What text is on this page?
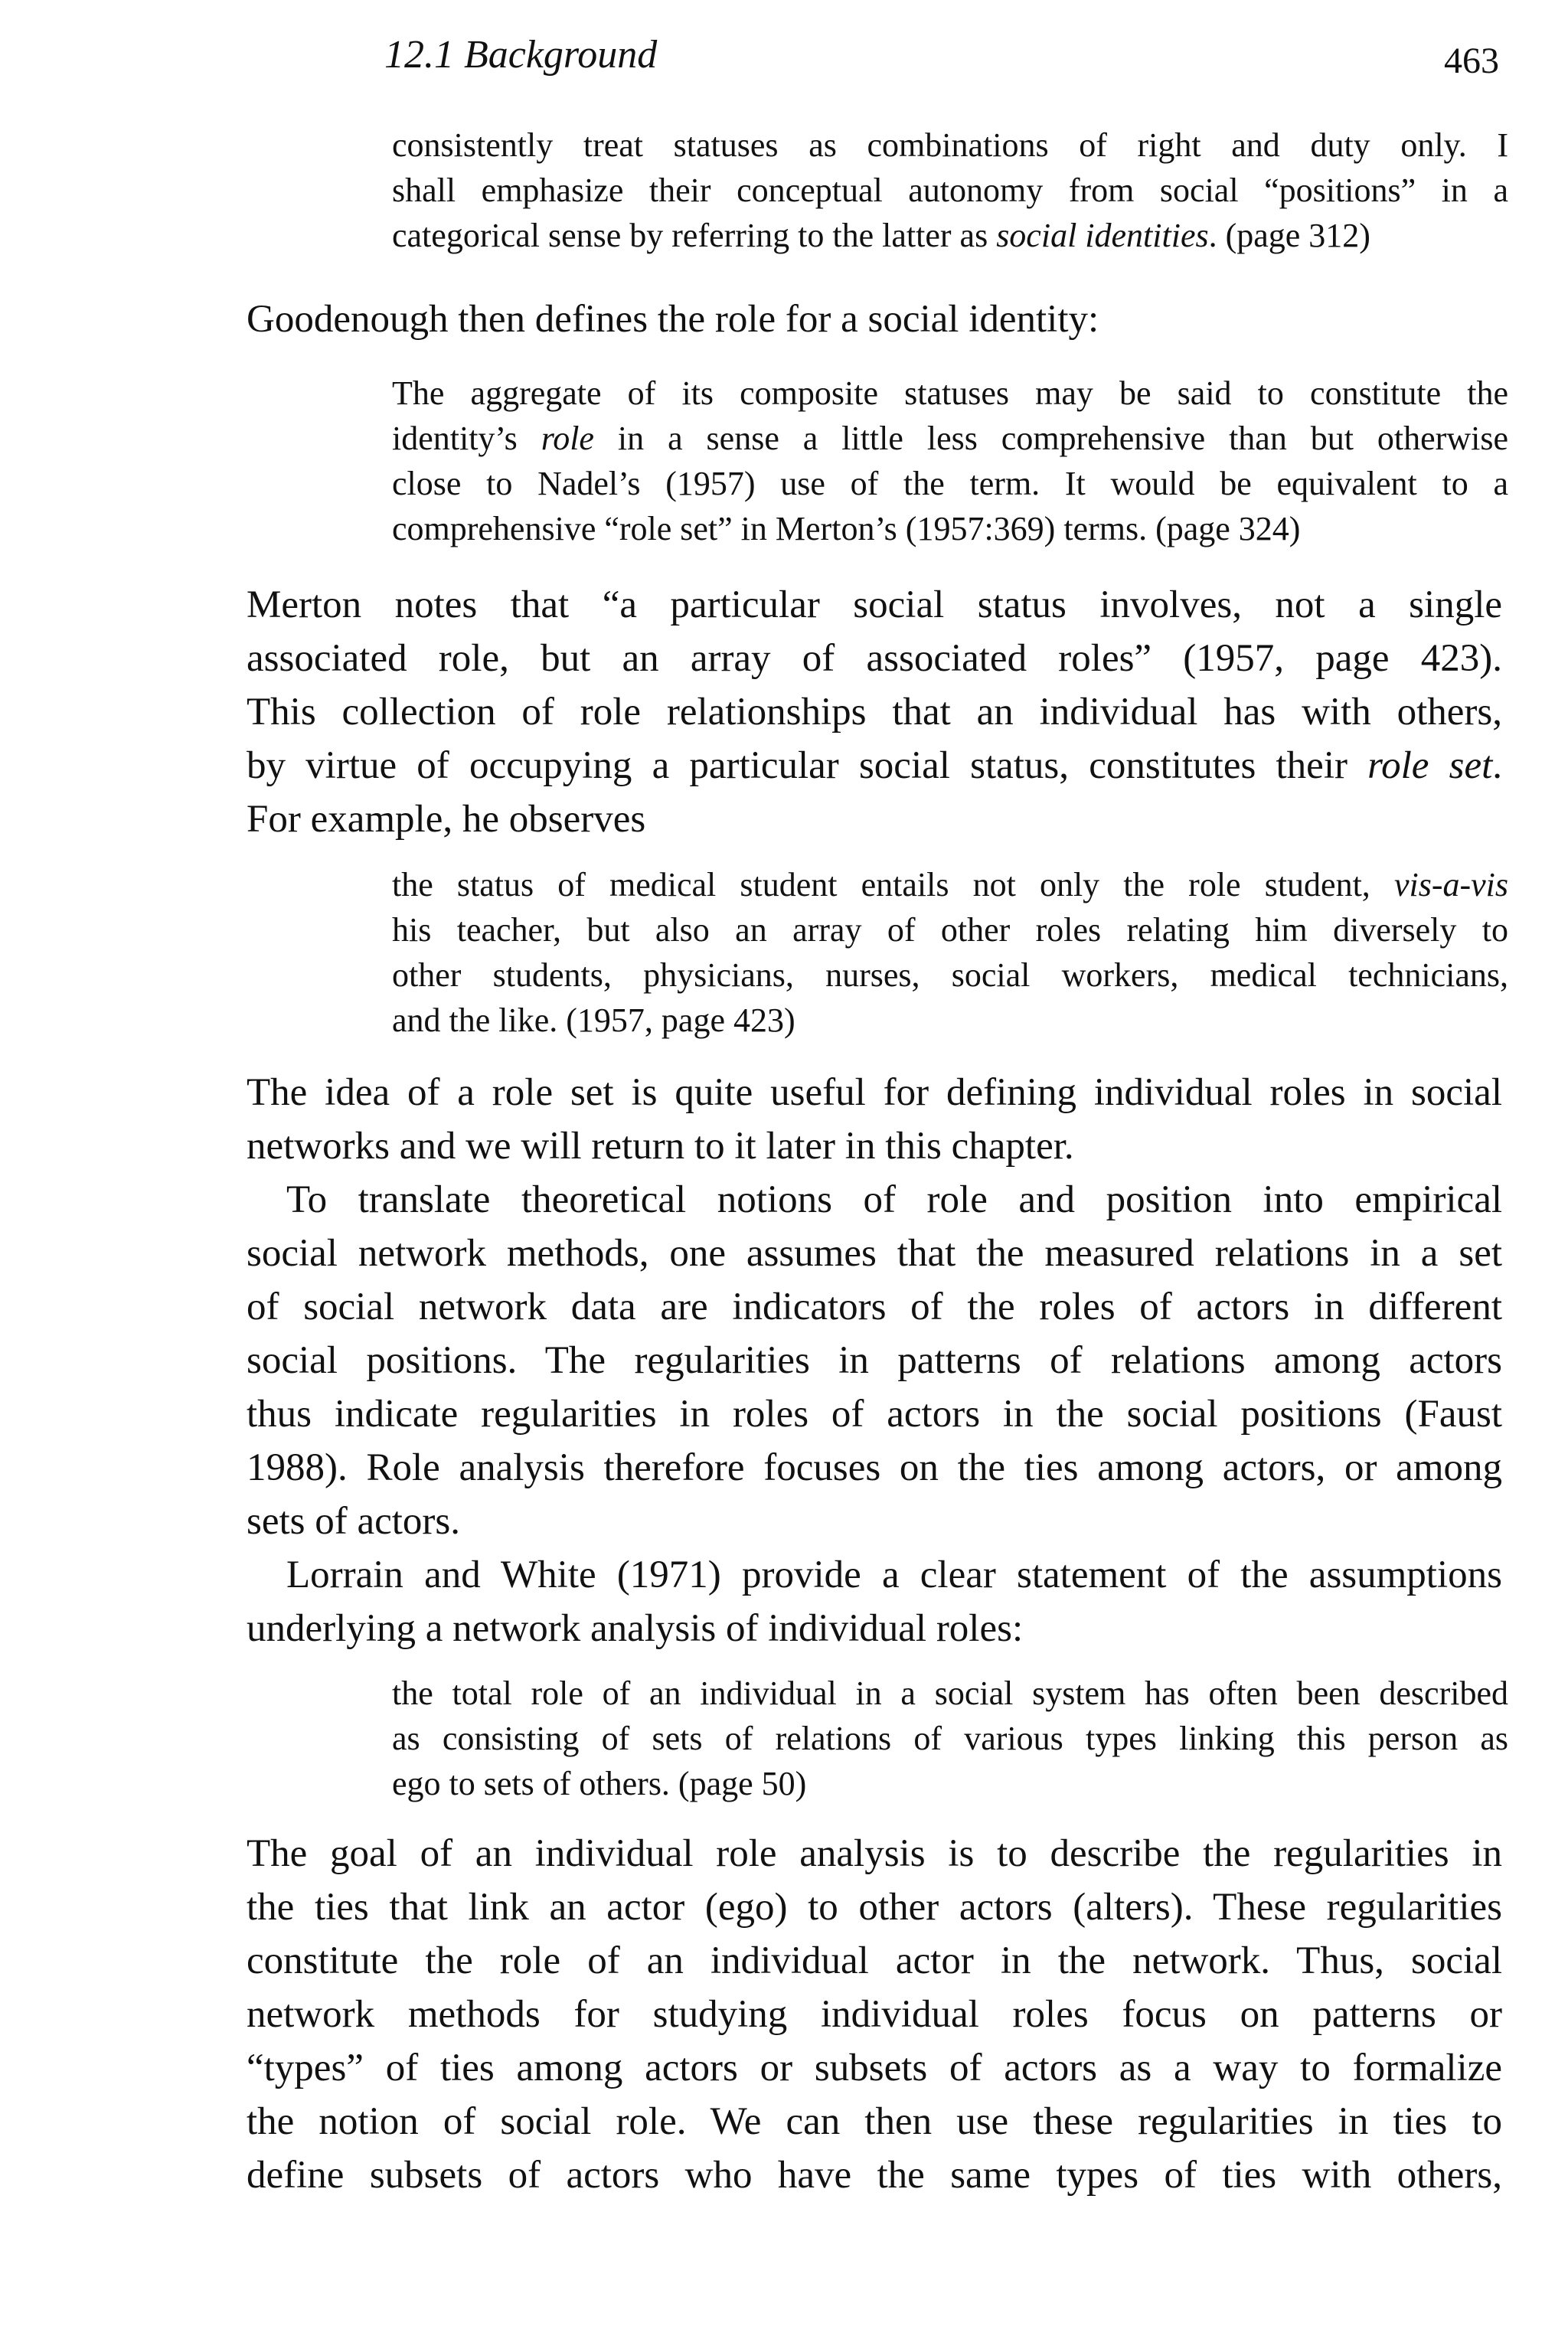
12.1 Background	463

consistently treat statuses as combinations of right and duty only. I
shall emphasize their conceptual autonomy from social “positions” in a
categorical sense by referring to the latter as social identities. (page 312)

Goodenough then defines the role for a social identity:

The aggregate of its composite statuses may be said to constitute the
identity’s role in a sense a little less comprehensive than but otherwise
close to Nadel’s (1957) use of the term. It would be equivalent to a
comprehensive “role set” in Merton’s (1957:369) terms. (page 324)

Merton notes that “a particular social status involves, not a single
associated role, but an array of associated roles” (1957, page 423).
This collection of role relationships that an individual has with others,
by virtue of occupying a particular social status, constitutes their role set.
For example, he observes

the status of medical student entails not only the role student, vis-a-vis
his teacher, but also an array of other roles relating him diversely to
other students, physicians, nurses, social workers, medical technicians,
and the like. (1957, page 423)

The idea of a role set is quite useful for defining individual roles in social
networks and we will return to it later in this chapter.

To translate theoretical notions of role and position into empirical
social network methods, one assumes that the measured relations in a set
of social network data are indicators of the roles of actors in different
social positions. The regularities in patterns of relations among actors
thus indicate regularities in roles of actors in the social positions (Faust
1988). Role analysis therefore focuses on the ties among actors, or among
sets of actors.

Lorrain and White (1971) provide a clear statement of the assumptions
underlying a network analysis of individual roles:

the total role of an individual in a social system has often been described
as consisting of sets of relations of various types linking this person as
ego to sets of others. (page 50)

The goal of an individual role analysis is to describe the regularities in
the ties that link an actor (ego) to other actors (alters). These regularities
constitute the role of an individual actor in the network. Thus, social
network methods for studying individual roles focus on patterns or
“types” of ties among actors or subsets of actors as a way to formalize
the notion of social role. We can then use these regularities in ties to
define subsets of actors who have the same types of ties with others,
